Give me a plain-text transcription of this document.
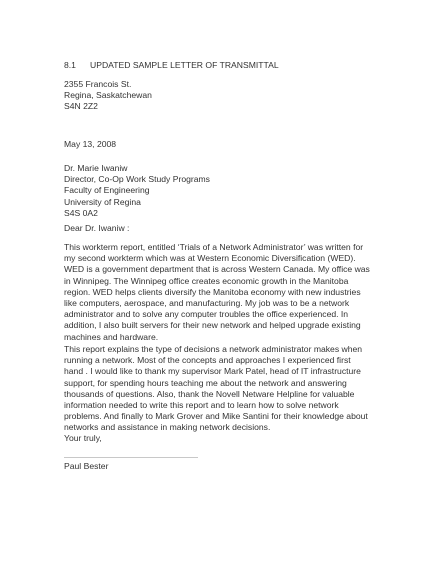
8.1 UPDATED SAMPLE LETTER OF TRANSMITTAL
2355 Francois St.
Regina, Saskatchewan
S4N 2Z2
May 13, 2008
Dr. Marie Iwaniw
Director, Co-Op Work Study Programs
Faculty of Engineering
University of Regina
S4S 0A2
Dear Dr. Iwaniw :
This workterm report, entitled ‘Trials of a Network Administrator’ was written for
my second workterm which was at Western Economic Diversification (WED).
WED is a government department that is across Western Canada. My office was
in Winnipeg. The Winnipeg office creates economic growth in the Manitoba
region. WED helps clients diversify the Manitoba economy with new industries
like computers, aerospace, and manufacturing. My job was to be a network
administrator and to solve any computer troubles the office experienced. In
addition, I also built servers for their new network and helped upgrade existing
machines and hardware.
This report explains the type of decisions a network administrator makes when
running a network. Most of the concepts and approaches I experienced first
hand . I would like to thank my supervisor Mark Patel, head of IT infrastructure
support, for spending hours teaching me about the network and answering
thousands of questions. Also, thank the Novell Netware Helpline for valuable
information needed to write this report and to learn how to solve network
problems. And finally to Mark Grover and Mike Santini for their knowledge about
networks and assistance in making network decisions.
Your truly,
Paul Bester
